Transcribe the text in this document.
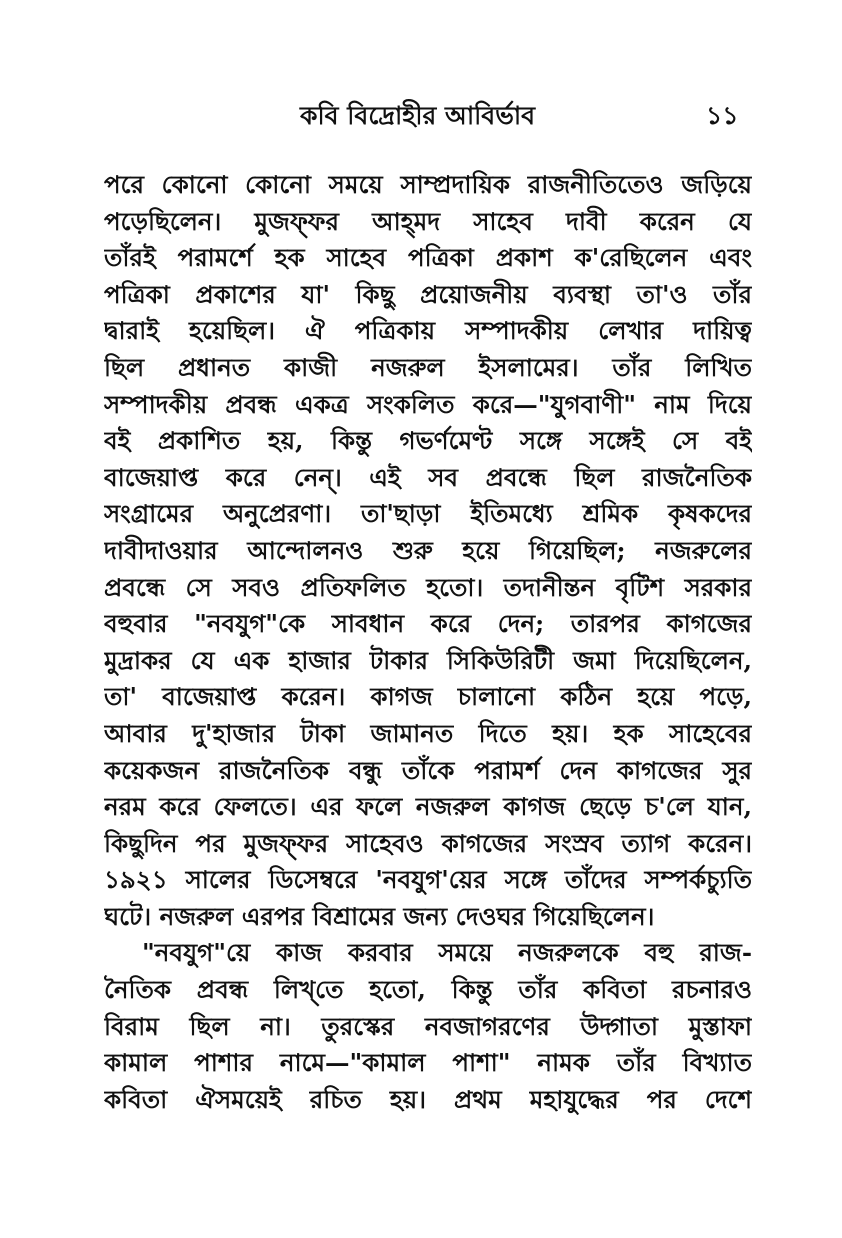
কবি বিদ্রোহীর আবির্ভাব	১১
পরে কোনো কোনো সময়ে সাম্প্রদায়িক রাজনীতিতেও জড়িয়ে
পড়েছিলেন। মুজফ্‌ফর আহ্‌মদ সাহেব দাবী করেন যে
তাঁরই পরামর্শে হক সাহেব পত্রিকা প্রকাশ ক'রেছিলেন এবং
পত্রিকা প্রকাশের যা' কিছু প্রয়োজনীয় ব্যবস্থা তা'ও তাঁর
দ্বারাই হয়েছিল। ঐ পত্রিকায় সম্পাদকীয় লেখার দায়িত্ব
ছিল প্রধানত কাজী নজরুল ইসলামের। তাঁর লিখিত
সম্পাদকীয় প্রবন্ধ একত্র সংকলিত করে—"যুগবাণী" নাম দিয়ে
বই প্রকাশিত হয়, কিন্তু গভর্ণমেণ্ট সঙ্গে সঙ্গেই সে বই
বাজেয়াপ্ত করে নেন্‌। এই সব প্রবন্ধে ছিল রাজনৈতিক
সংগ্রামের অনুপ্রেরণা। তা'ছাড়া ইতিমধ্যে শ্রমিক কৃষকদের
দাবীদাওয়ার আন্দোলনও শুরু হয়ে গিয়েছিল; নজরুলের
প্রবন্ধে সে সবও প্রতিফলিত হতো। তদানীন্তন বৃটিশ সরকার
বহুবার "নবযুগ"কে সাবধান করে দেন; তারপর কাগজের
মুদ্রাকর যে এক হাজার টাকার সিকিউরিটী জমা দিয়েছিলেন,
তা' বাজেয়াপ্ত করেন। কাগজ চালানো কঠিন হয়ে পড়ে,
আবার দু'হাজার টাকা জামানত দিতে হয়। হক সাহেবের
কয়েকজন রাজনৈতিক বন্ধু তাঁকে পরামর্শ দেন কাগজের সুর
নরম করে ফেলতে। এর ফলে নজরুল কাগজ ছেড়ে চ'লে যান,
কিছুদিন পর মুজফ্‌ফর সাহেবও কাগজের সংস্রব ত্যাগ করেন।
১৯২১ সালের ডিসেম্বরে 'নবযুগ'য়ের সঙ্গে তাঁদের সম্পর্কচ্যুতি
ঘটে। নজরুল এরপর বিশ্রামের জন্য দেওঘর গিয়েছিলেন।
"নবযুগ"য়ে কাজ করবার সময়ে নজরুলকে বহু রাজ-
নৈতিক প্রবন্ধ লিখ্‌তে হতো, কিন্তু তাঁর কবিতা রচনারও
বিরাম ছিল না। তুরস্কের নবজাগরণের উদ্গাতা মুস্তাফা
কামাল পাশার নামে—"কামাল পাশা" নামক তাঁর বিখ্যাত
কবিতা ঐসময়েই রচিত হয়। প্রথম মহাযুদ্ধের পর দেশে
